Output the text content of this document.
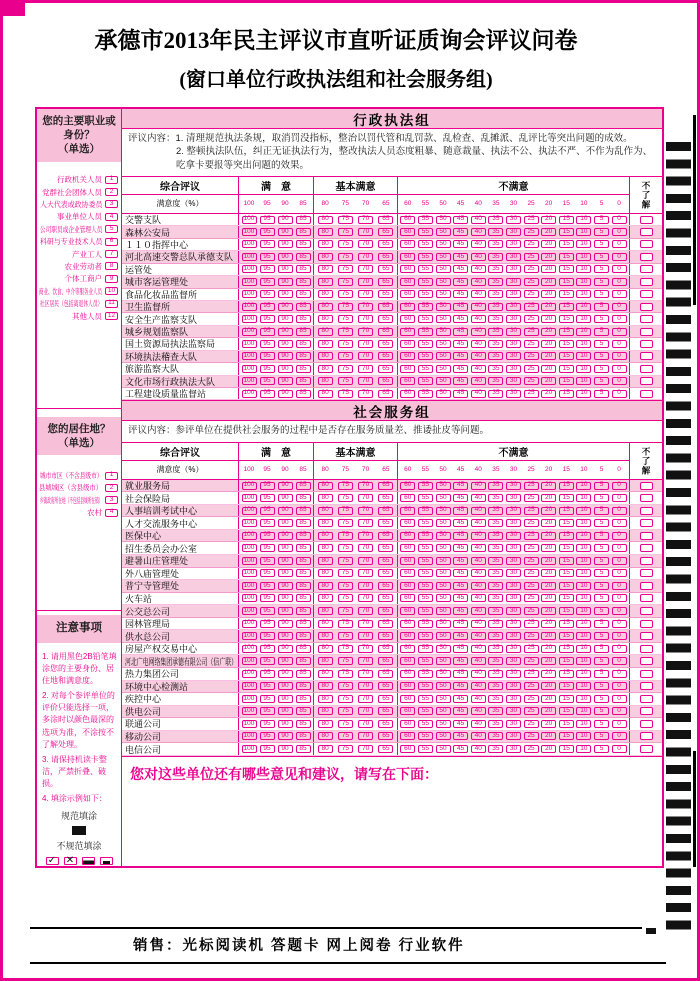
承德市2013年民主评议市直听证质询会评议问卷
(窗口单位行政执法组和社会服务组)
您的主要职业或身份？
（单选）
行政机关人员	1
党群社会团体人员	2
人大代表或政协委员	3
事业单位人员	4
公司职员或企业管理人员	5
科研与专业技术人员	6
产业工人	7
农业劳动者	8
个体工商户	9
商业、饮食、中介等服务业人员 10
社区居民（包括离退休人员） 11
其他人员 12
您的居住地？
（单选）
城市市区（不含县级市）	1
县城城区（含县级市）	2
乡镇政府所在地（不包括县城所在镇）	3
农村	4
注意事项
1. 请用黑色2B铅笔填涂您的主要身份、居住地和满意度。
2. 对每个参评单位的评价只能选择一项，多涂时以颜色最深的选项为准，不涂按不了解处理。
3. 请保持机读卡整洁，严禁折叠、破损。
4. 填涂示例如下：
规范填涂
不规范填涂
✓ ✕
行政执法组
评议内容：1. 清理规范执法条规，取消罚没指标，整治以罚代管和乱罚款、乱检查、乱摊派、乱评比等突出问题的成效。
2. 整顿执法队伍，纠正无证执法行为，整改执法人员态度粗暴、随意裁量、执法不公、执法不严、不作为乱作为、吃拿卡要报等突出问题的效果。
综合评议
满意度（%）
满　意
100	95	90	85
基本满意
80	75	70	65
不满意
60	55	50	45	40	35	30	25	20	15	10	5	0	不了解
交警支队	100	95	90	85	80	75	70	65	60	55	50	45	40	35	30	25	20	15	10	5	0
森林公安局	100	95	90	85	80	75	70	65	60	55	50	45	40	35	30	25	20	15	10	5	0
１１０指挥中心	100	95	90	85	80	75	70	65	60	55	50	45	40	35	30	25	20	15	10	5	0
河北高速交警总队承德支队	100	95	90	85	80	75	70	65	60	55	50	45	40	35	30	25	20	15	10	5	0
运管处	100	95	90	85	80	75	70	65	60	55	50	45	40	35	30	25	20	15	10	5	0
城市客运管理处	100	95	90	85	80	75	70	65	60	55	50	45	40	35	30	25	20	15	10	5	0
食品化妆品监督所	100	95	90	85	80	75	70	65	60	55	50	45	40	35	30	25	20	15	10	5	0
卫生监督所	100	95	90	85	80	75	70	65	60	55	50	45	40	35	30	25	20	15	10	5	0
安全生产监察支队	100	95	90	85	80	75	70	65	60	55	50	45	40	35	30	25	20	15	10	5	0
城乡规划监察队	100	95	90	85	80	75	70	65	60	55	50	45	40	35	30	25	20	15	10	5	0
国土资源局执法监察局	100	95	90	85	80	75	70	65	60	55	50	45	40	35	30	25	20	15	10	5	0
环境执法稽查大队	100	95	90	85	80	75	70	65	60	55	50	45	40	35	30	25	20	15	10	5	0
旅游监察大队	100	95	90	85	80	75	70	65	60	55	50	45	40	35	30	25	20	15	10	5	0
文化市场行政执法大队	100	95	90	85	80	75	70	65	60	55	50	45	40	35	30	25	20	15	10	5	0
工程建设质量监督站	100	95	90	85	80	75	70	65	60	55	50	45	40	35	30	25	20	15	10	5	0
社会服务组
评议内容：参评单位在提供社会服务的过程中是否存在服务质量差、推诿扯皮等问题。
综合评议
满意度（%）
满　意
100	95	90	85
基本满意
80	75	70	65
不满意
60	55	50	45	40	35	30	25	20	15	10	5	0	不了解
就业服务局	100	95	90	85	80	75	70	65	60	55	50	45	40	35	30	25	20	15	10	5	0
社会保险局	100	95	90	85	80	75	70	65	60	55	50	45	40	35	30	25	20	15	10	5	0
人事培训考试中心	100	95	90	85	80	75	70	65	60	55	50	45	40	35	30	25	20	15	10	5	0
人才交流服务中心	100	95	90	85	80	75	70	65	60	55	50	45	40	35	30	25	20	15	10	5	0
医保中心	100	95	90	85	80	75	70	65	60	55	50	45	40	35	30	25	20	15	10	5	0
招生委员会办公室	100	95	90	85	80	75	70	65	60	55	50	45	40	35	30	25	20	15	10	5	0
避暑山庄管理处	100	95	90	85	80	75	70	65	60	55	50	45	40	35	30	25	20	15	10	5	0
外八庙管理处	100	95	90	85	80	75	70	65	60	55	50	45	40	35	30	25	20	15	10	5	0
普宁寺管理处	100	95	90	85	80	75	70	65	60	55	50	45	40	35	30	25	20	15	10	5	0
火车站	100	95	90	85	80	75	70	65	60	55	50	45	40	35	30	25	20	15	10	5	0
公交总公司	100	95	90	85	80	75	70	65	60	55	50	45	40	35	30	25	20	15	10	5	0
园林管理局	100	95	90	85	80	75	70	65	60	55	50	45	40	35	30	25	20	15	10	5	0
供水总公司	100	95	90	85	80	75	70	65	60	55	50	45	40	35	30	25	20	15	10	5	0
房屋产权交易中心	100	95	90	85	80	75	70	65	60	55	50	45	40	35	30	25	20	15	10	5	0
河北广电网络集团承德有限公司（信广联）	100	95	90	85	80	75	70	65	60	55	50	45	40	35	30	25	20	15	10	5	0
热力集团公司	100	95	90	85	80	75	70	65	60	55	50	45	40	35	30	25	20	15	10	5	0
环境中心检测站	100	95	90	85	80	75	70	65	60	55	50	45	40	35	30	25	20	15	10	5	0
疾控中心	100	95	90	85	80	75	70	65	60	55	50	45	40	35	30	25	20	15	10	5	0
供电公司	100	95	90	85	80	75	70	65	60	55	50	45	40	35	30	25	20	15	10	5	0
联通公司	100	95	90	85	80	75	70	65	60	55	50	45	40	35	30	25	20	15	10	5	0
移动公司	100	95	90	85	80	75	70	65	60	55	50	45	40	35	30	25	20	15	10	5	0
电信公司	100	95	90	85	80	75	70	65	60	55	50	45	40	35	30	25	20	15	10	5	0
您对这些单位还有哪些意见和建议，请写在下面：
销售：光标阅读机 答题卡 网上阅卷 行业软件
